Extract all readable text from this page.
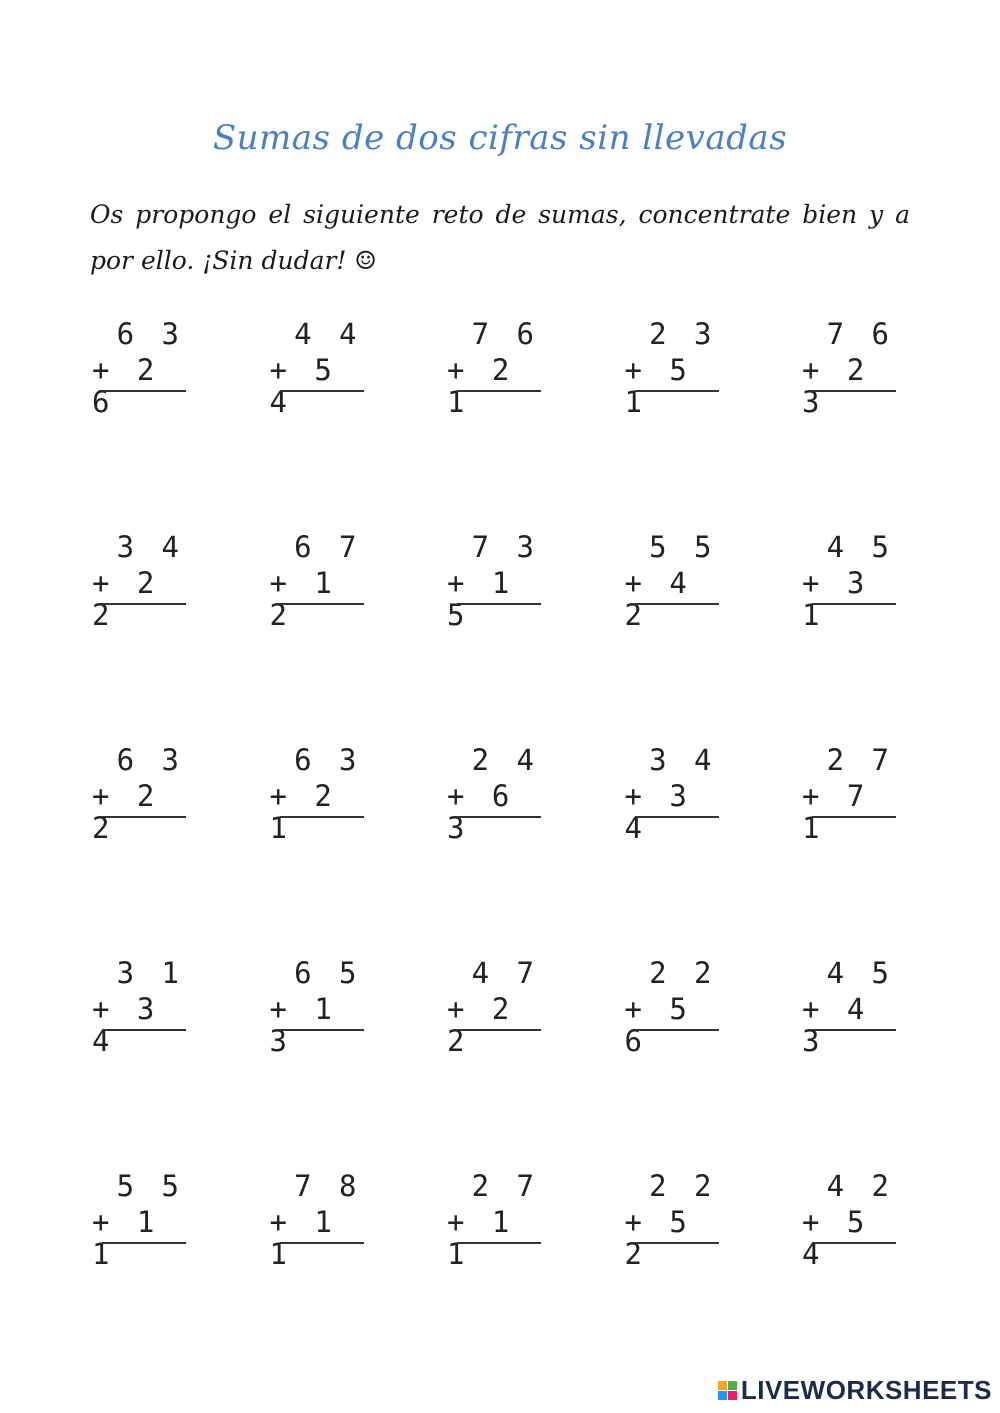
Sumas de dos cifras sin llevadas
Os propongo el siguiente reto de sumas, concentrate bien y a por ello. ¡Sin dudar! ☺
6 3
+ 2 6
4 4
+ 5 4
7 6
+ 2 1
2 3
+ 5 1
7 6
+ 2 3
3 4
+ 2 2
6 7
+ 1 2
7 3
+ 1 5
5 5
+ 4 2
4 5
+ 3 1
6 3
+ 2 2
6 3
+ 2 1
2 4
+ 6 3
3 4
+ 3 4
2 7
+ 7 1
3 1
+ 3 4
6 5
+ 1 3
4 7
+ 2 2
2 2
+ 5 6
4 5
+ 4 3
5 5
+ 1 1
7 8
+ 1 1
2 7
+ 1 1
2 2
+ 5 2
4 2
+ 5 4
LIVEWORKSHEETS
